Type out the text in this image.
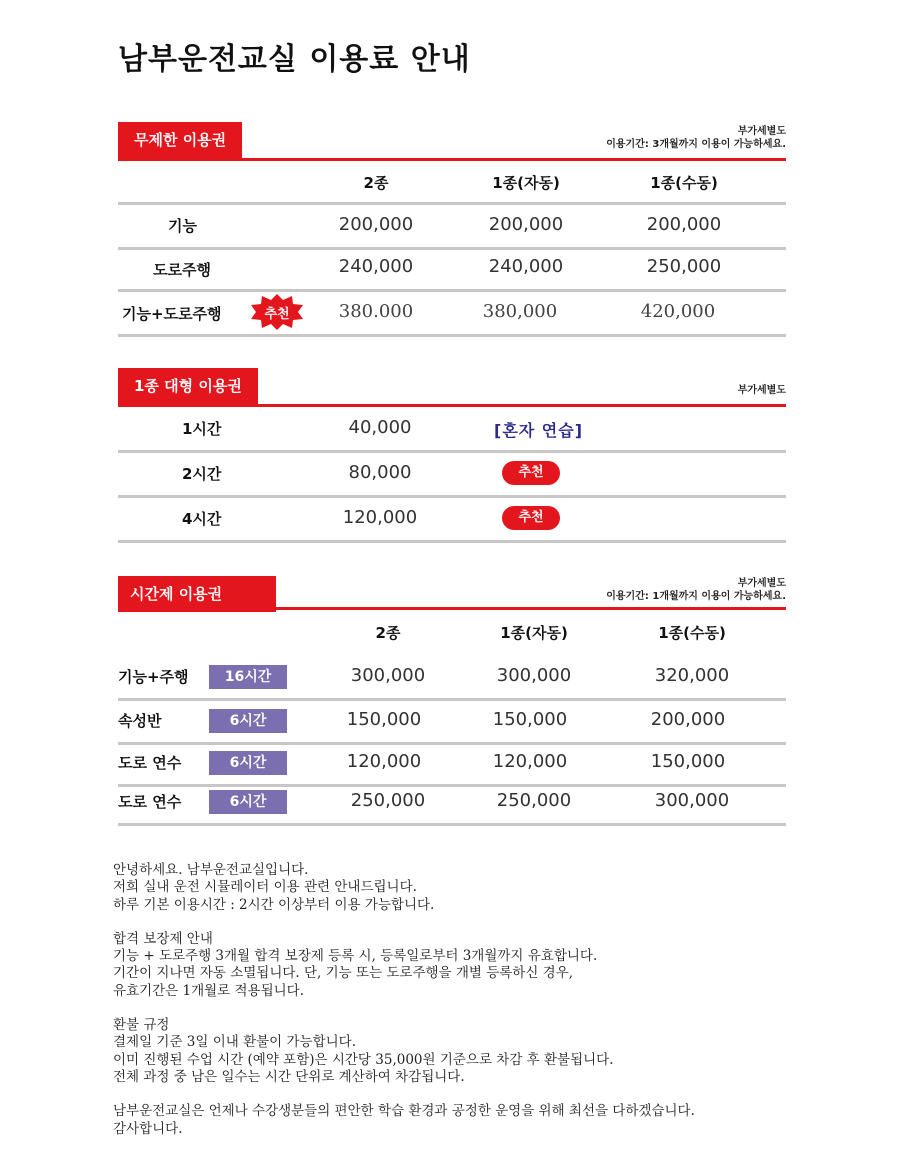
남부운전교실 이용료 안내
무제한 이용권	부가세별도
이용기간: 3개월까지 이용이 가능하세요.
2종	1종(자동)	1종(수동)
기능	200,000	200,000	200,000
도로주행	240,000	240,000	250,000
기능+도로주행	추천	380.000	380,000	420,000
1종 대형 이용권	부가세별도
1시간	40,000	[혼자 연습]
2시간	80,000	추천
4시간	120,000	추천
시간제 이용권
부가세별도
이용기간: 1개월까지 이용이 가능하세요.
2종	1종(자동)	1종(수동)
기능+주행	16시간	300,000	300,000	320,000
속성반	6시간	150,000	150,000	200,000
도로 연수	6시간	120,000	120,000	150,000
도로 연수	6시간	250,000	250,000	300,000

안녕하세요. 남부운전교실입니다.

저희 실내 운전 시뮬레이터 이용 관련 안내드립니다.

하루 기본 이용시간 : 2시간 이상부터 이용 가능합니다.

합격 보장제 안내

기능 + 도로주행 3개월 합격 보장제 등록 시, 등록일로부터 3개월까지 유효합니다.

기간이 지나면 자동 소멸됩니다. 단, 기능 또는 도로주행을 개별 등록하신 경우,

유효기간은 1개월로 적용됩니다.

환불 규정

결제일 기준 3일 이내 환불이 가능합니다.

이미 진행된 수업 시간 (예약 포함)은 시간당 35,000원 기준으로 차감 후 환불됩니다.

전체 과정 중 남은 일수는 시간 단위로 계산하여 차감됩니다.

남부운전교실은 언제나 수강생분들의 편안한 학습 환경과 공정한 운영을 위해 최선을 다하겠습니다.

감사합니다.
